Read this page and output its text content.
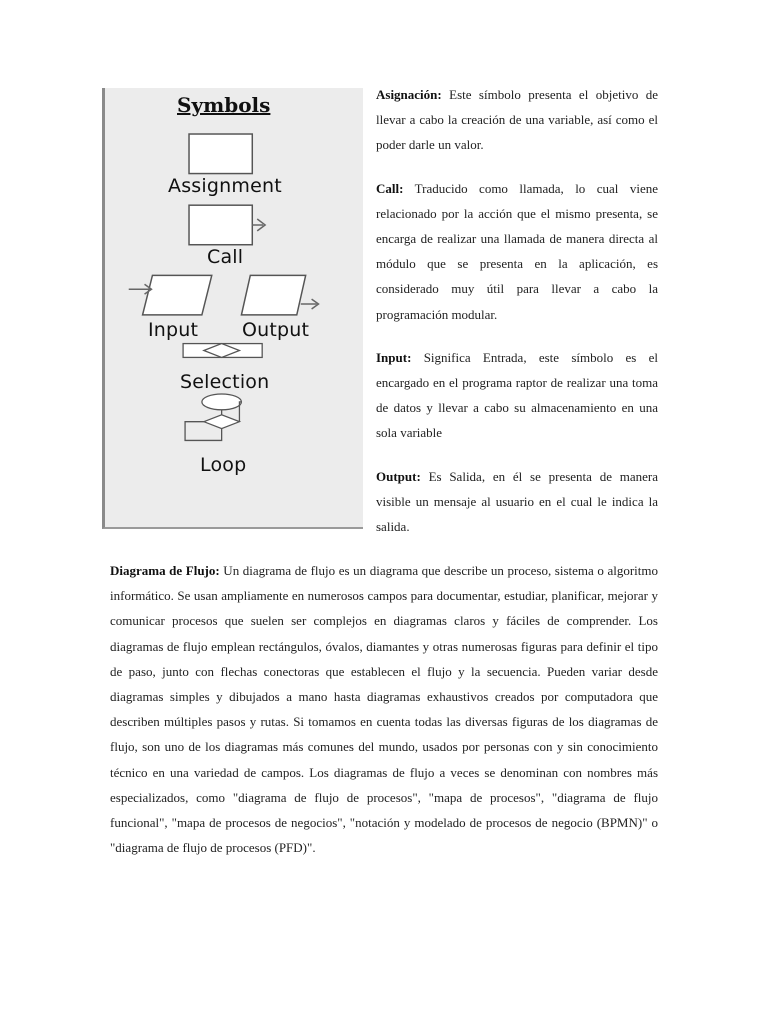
Symbols
Assignment
Call
Input Output
Selection
Loop

Asignación: Este símbolo presenta el objetivo de llevar a cabo la creación de una variable, así como el poder darle un valor.

Call: Traducido como llamada, lo cual viene relacionado por la acción que el mismo presenta, se encarga de realizar una llamada de manera directa al módulo que se presenta en la aplicación, es considerado muy útil para llevar a cabo la programación modular.

Input: Significa Entrada, este símbolo es el encargado en el programa raptor de realizar una toma de datos y llevar a cabo su almacenamiento en una sola variable

Output: Es Salida, en él se presenta de manera visible un mensaje al usuario en el cual le indica la salida.

Diagrama de Flujo: Un diagrama de flujo es un diagrama que describe un proceso, sistema o algoritmo informático. Se usan ampliamente en numerosos campos para documentar, estudiar, planificar, mejorar y comunicar procesos que suelen ser complejos en diagramas claros y fáciles de comprender. Los diagramas de flujo emplean rectángulos, óvalos, diamantes y otras numerosas figuras para definir el tipo de paso, junto con flechas conectoras que establecen el flujo y la secuencia. Pueden variar desde diagramas simples y dibujados a mano hasta diagramas exhaustivos creados por computadora que describen múltiples pasos y rutas. Si tomamos en cuenta todas las diversas figuras de los diagramas de flujo, son uno de los diagramas más comunes del mundo, usados por personas con y sin conocimiento técnico en una variedad de campos. Los diagramas de flujo a veces se denominan con nombres más especializados, como "diagrama de flujo de procesos", "mapa de procesos", "diagrama de flujo funcional", "mapa de procesos de negocios", "notación y modelado de procesos de negocio (BPMN)" o "diagrama de flujo de procesos (PFD)".
